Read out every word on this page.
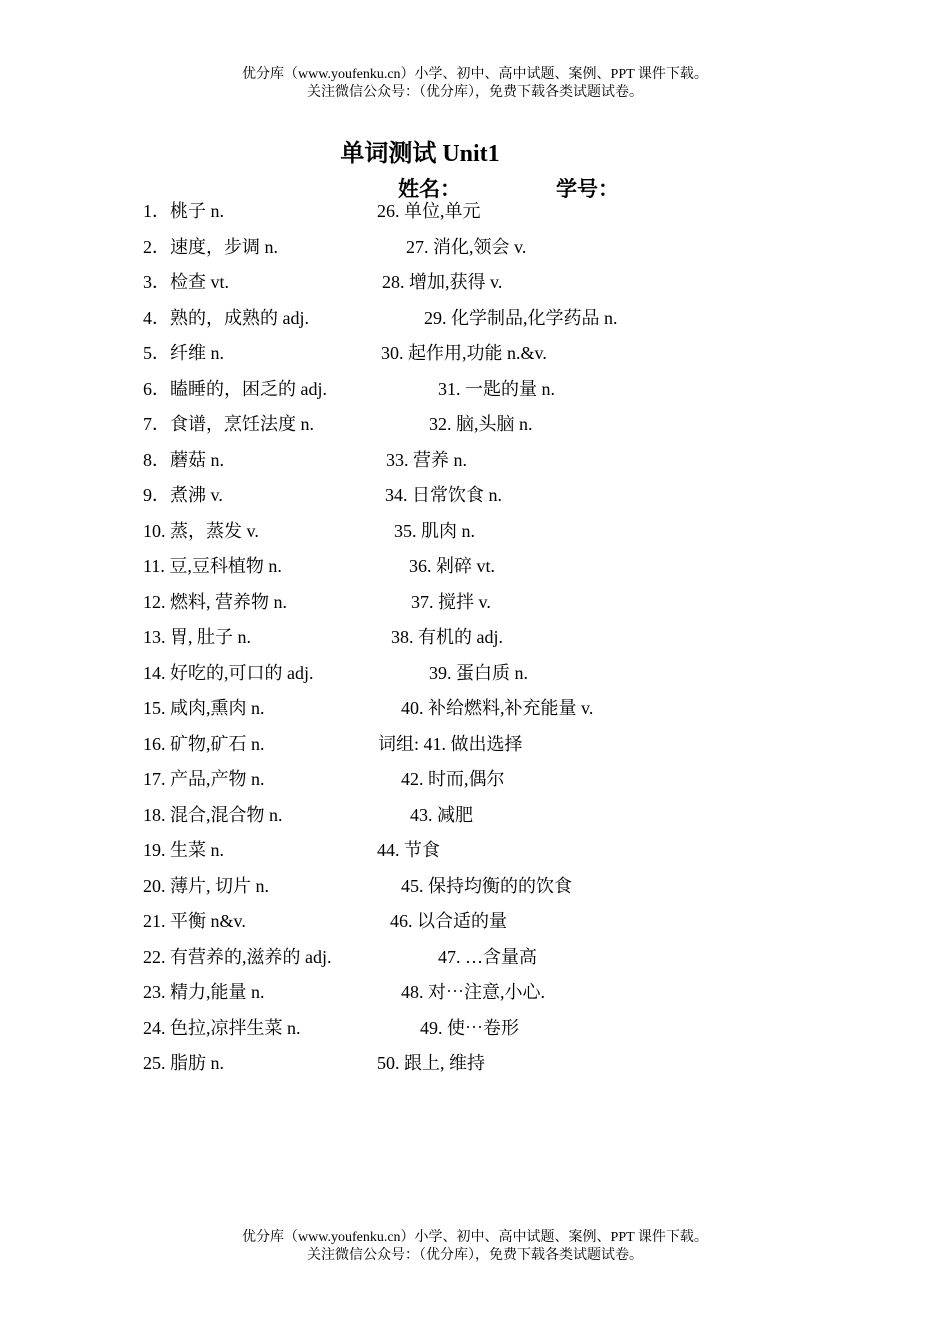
优分库（www.youfenku.cn）小学、初中、高中试题、案例、PPT 课件下载。
关注微信公众号：（优分库），免费下载各类试题试卷。
单词测试 Unit1
姓名：	学号：
1．桃子 n.
2．速度，步调 n.
3．检查 vt.
4．熟的，成熟的 adj.
5．纤维 n.
6．瞌睡的，困乏的 adj.
7．食谱，烹饪法度 n.
8．蘑菇 n.
9．煮沸 v.
10. 蒸，蒸发 v.
11. 豆,豆科植物 n.
12. 燃料, 营养物 n.
13. 胃, 肚子 n.
14. 好吃的,可口的 adj.
15. 咸肉,熏肉 n.
16. 矿物,矿石 n.
17. 产品,产物 n.
18. 混合,混合物 n.
19. 生菜 n.
20. 薄片, 切片 n.
21. 平衡 n&v.
22. 有营养的,滋养的 adj.
23. 精力,能量 n.
24. 色拉,凉拌生菜 n.
25. 脂肪 n.
26. 单位,单元
27. 消化,领会 v.
28. 增加,获得 v.
29. 化学制品,化学药品 n.
30. 起作用,功能 n.&v.
31. 一匙的量 n.
32. 脑,头脑 n.
33. 营养 n.
34. 日常饮食 n.
35. 肌肉 n.
36. 剁碎 vt.
37. 搅拌 v.
38. 有机的 adj.
39. 蛋白质 n.
40. 补给燃料,补充能量 v.
词组: 41. 做出选择
42. 时而,偶尔
43. 减肥
44. 节食
45. 保持均衡的的饮食
46. 以合适的量
47. …含量高
48. 对⋯注意,小心.
49. 使⋯卷形
50. 跟上, 维持
优分库（www.youfenku.cn）小学、初中、高中试题、案例、PPT 课件下载。
关注微信公众号：（优分库），免费下载各类试题试卷。
